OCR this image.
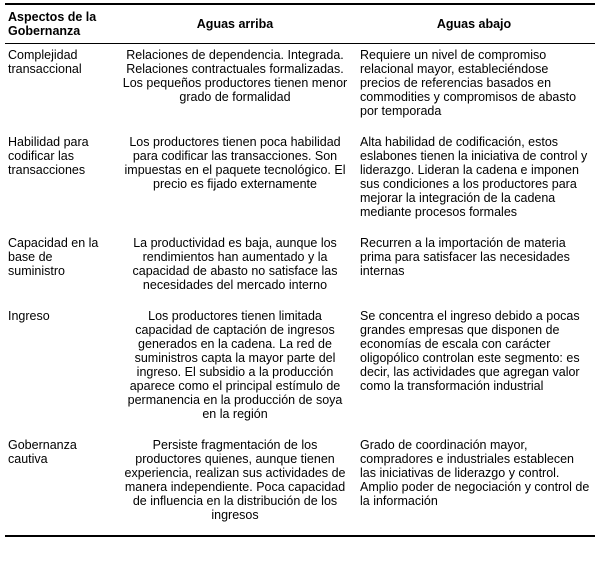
Aspectos de la Gobernanza	Aguas arriba	Aguas abajo
Complejidad transaccional	Relaciones de dependencia. Integrada. Relaciones contractuales formalizadas. Los pequeños productores tienen menor grado de formalidad	Requiere un nivel de compromiso relacional mayor, estableciéndose precios de referencias basados en commodities y compromisos de abasto por temporada
Habilidad para codificar las transacciones	Los productores tienen poca habilidad para codificar las transacciones. Son impuestas en el paquete tecnológico. El precio es fijado externamente	Alta habilidad de codificación, estos eslabones tienen la iniciativa de control y liderazgo. Lideran la cadena e imponen sus condiciones a los productores para mejorar la integración de la cadena mediante procesos formales
Capacidad en la base de suministro	La productividad es baja, aunque los rendimientos han aumentado y la capacidad de abasto no satisface las necesidades del mercado interno	Recurren a la importación de materia prima para satisfacer las necesidades internas
Ingreso	Los productores tienen limitada capacidad de captación de ingresos generados en la cadena. La red de suministros capta la mayor parte del ingreso. El subsidio a la producción aparece como el principal estímulo de permanencia en la producción de soya en la región	Se concentra el ingreso debido a pocas grandes empresas que disponen de economías de escala con carácter oligopólico controlan este segmento: es decir, las actividades que agregan valor como la transformación industrial
Gobernanza cautiva	Persiste fragmentación de los productores quienes, aunque tienen experiencia, realizan sus actividades de manera independiente. Poca capacidad de influencia en la distribución de los ingresos	Grado de coordinación mayor, compradores e industriales establecen las iniciativas de liderazgo y control. Amplio poder de negociación y control de la información
